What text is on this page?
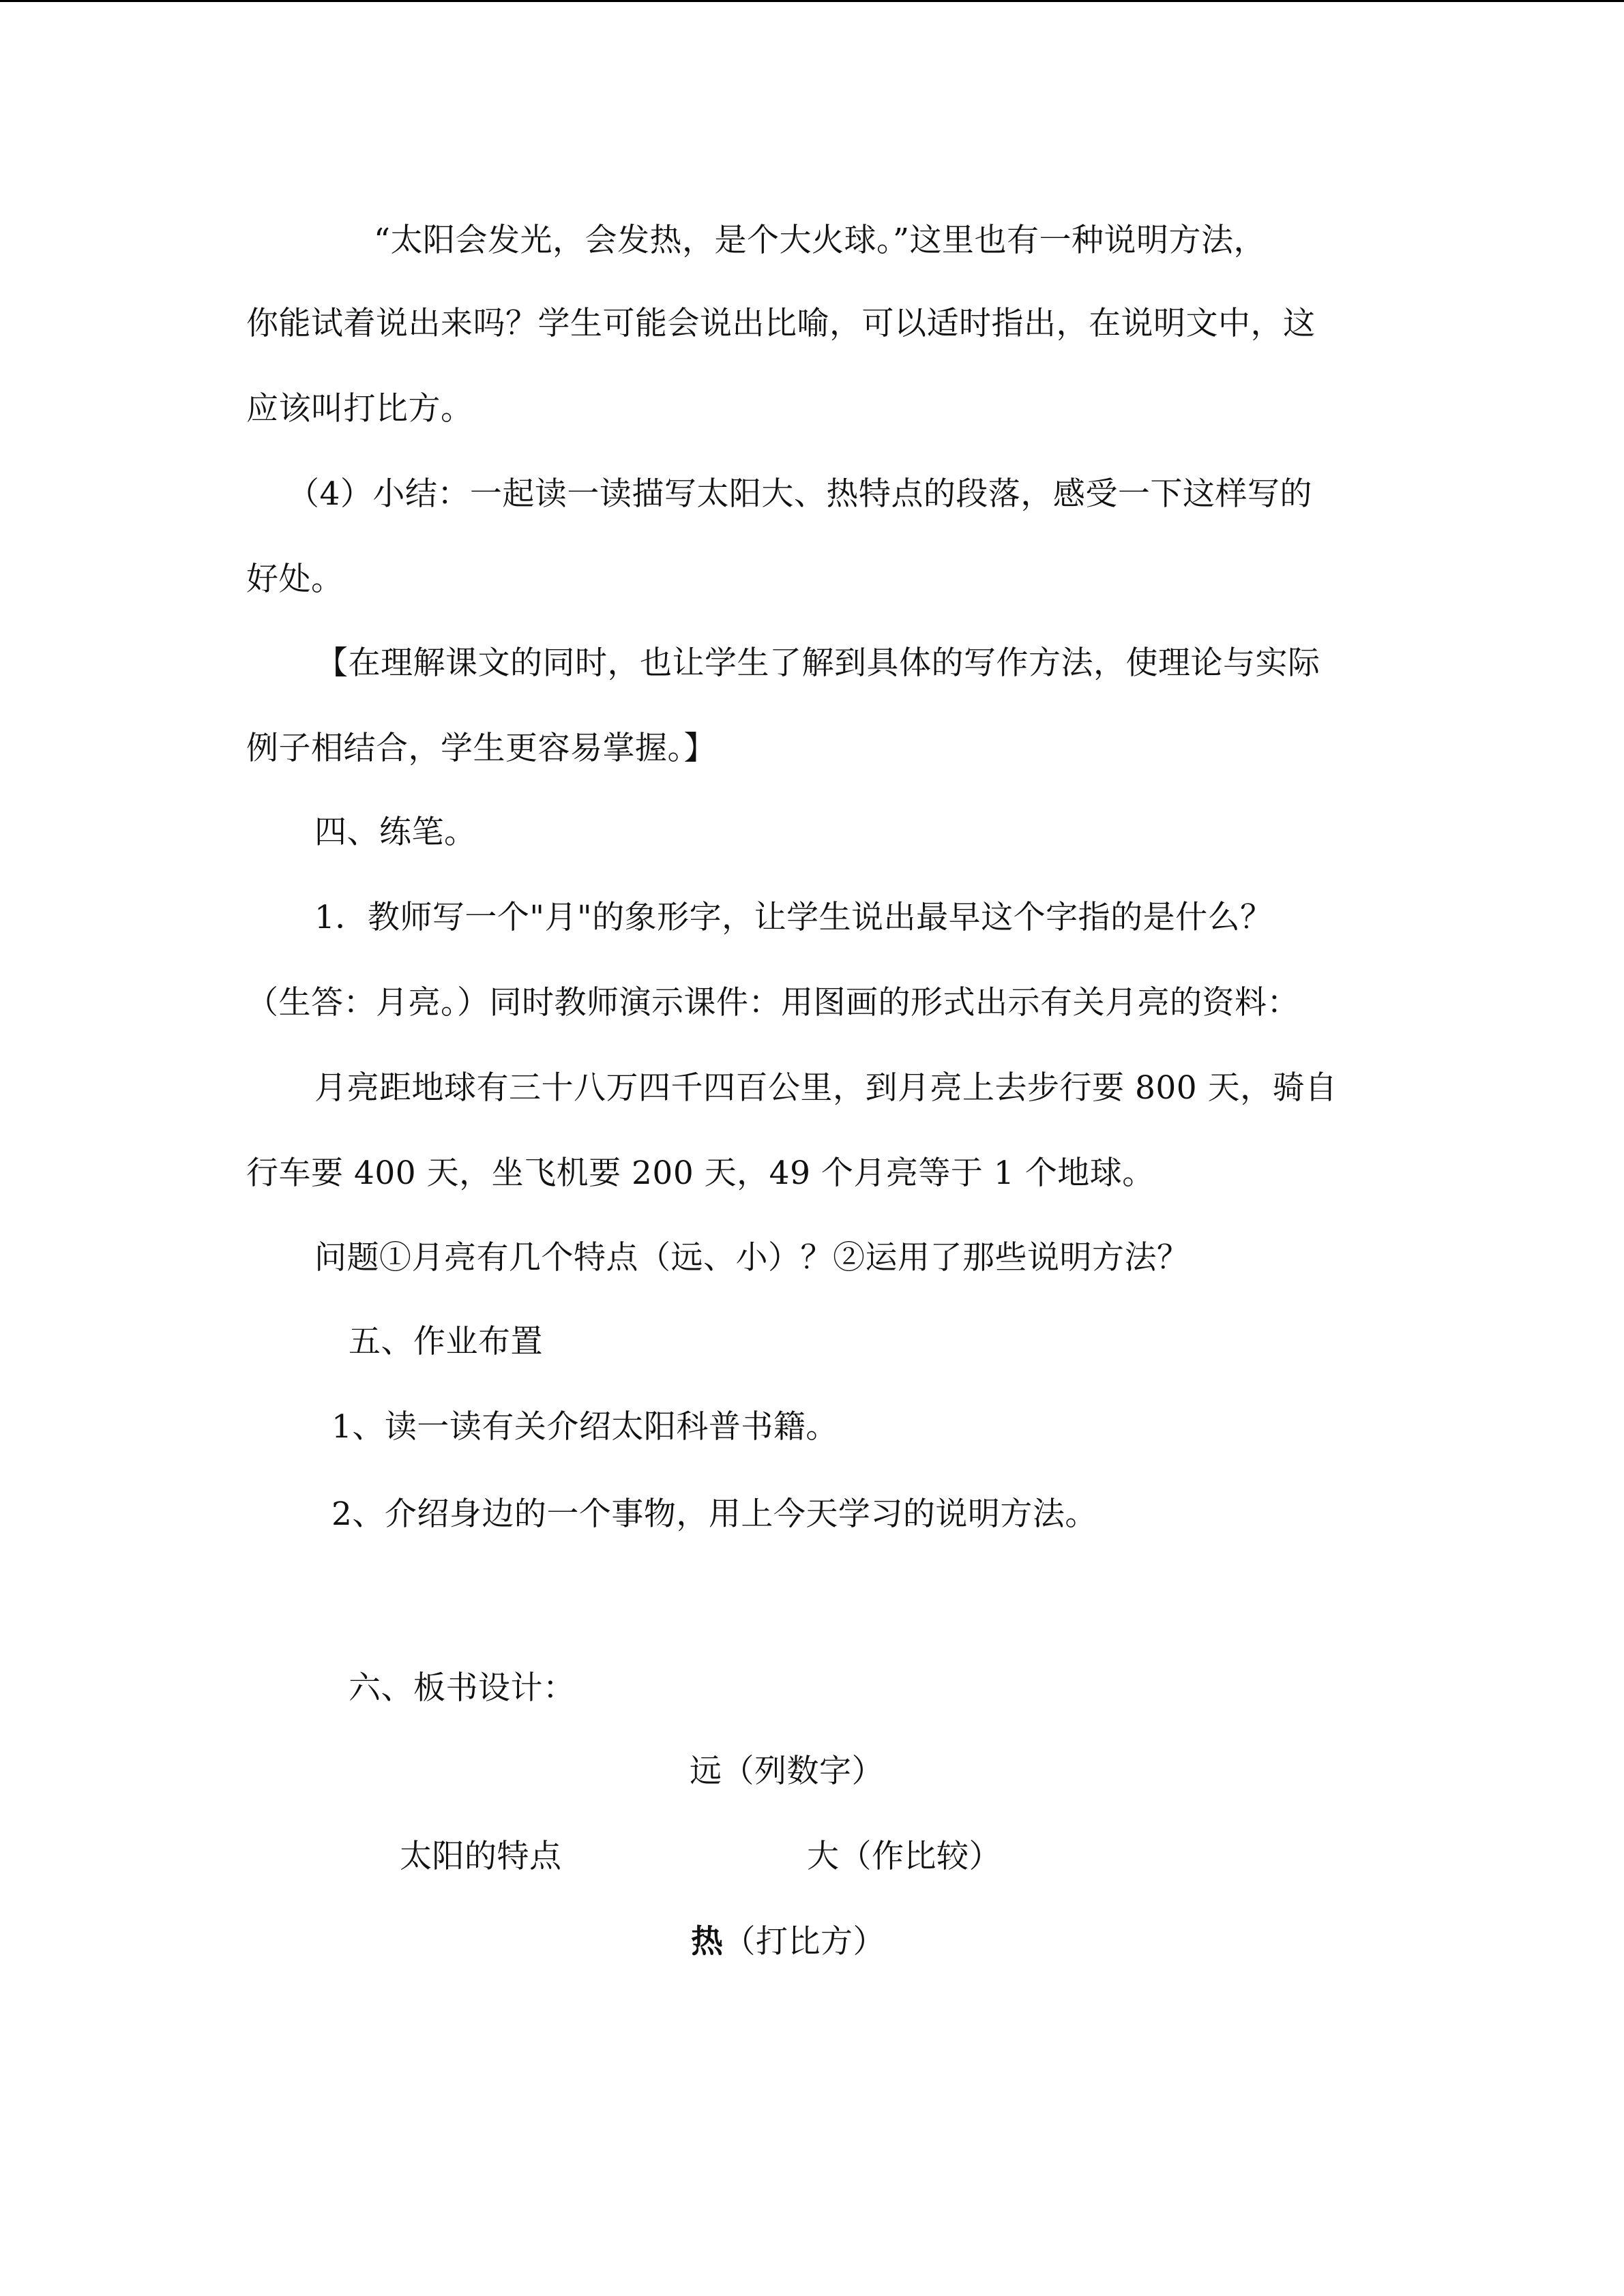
“太阳会发光，会发热，是个大火球。”这里也有一种说明方法，
你能试着说出来吗？学生可能会说出比喻，可以适时指出，在说明文中，这
应该叫打比方。
（4）小结：一起读一读描写太阳大、热特点的段落，感受一下这样写的
好处。
【在理解课文的同时，也让学生了解到具体的写作方法，使理论与实际
例子相结合，学生更容易掌握。】
四、练笔。
1．教师写一个"月"的象形字，让学生说出最早这个字指的是什么？
（生答：月亮。）同时教师演示课件：用图画的形式出示有关月亮的资料：
月亮距地球有三十八万四千四百公里，到月亮上去步行要 800 天，骑自
行车要 400 天，坐飞机要 200 天，49 个月亮等于 1 个地球。
问题①月亮有几个特点（远、小）？②运用了那些说明方法？
五、作业布置
1、读一读有关介绍太阳科普书籍。
2、介绍身边的一个事物，用上今天学习的说明方法。
六、板书设计：
远（列数字）
太阳的特点	大（作比较）
热（打比方）
